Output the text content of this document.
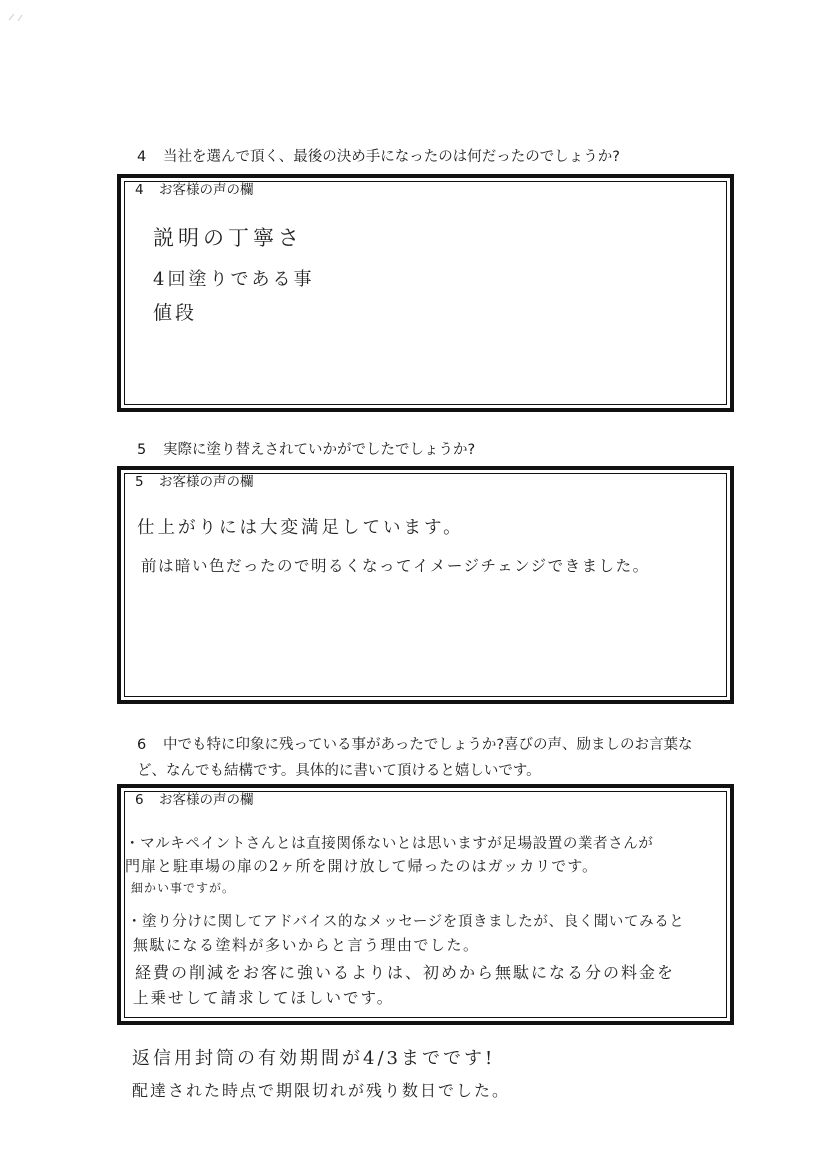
4 当社を選んで頂く、最後の決め手になったのは何だったのでしょうか?
4 お客様の声の欄
説明の丁寧さ
4回塗りである事
値段
5 実際に塗り替えされていかがでしたでしょうか?
5 お客様の声の欄
仕上がりには大変満足しています。
前は暗い色だったので明るくなってイメージチェンジできました。
6 中でも特に印象に残っている事があったでしょうか?喜びの声、励ましのお言葉な
ど、なんでも結構です。具体的に書いて頂けると嬉しいです。
6 お客様の声の欄
・マルキペイントさんとは直接関係ないとは思いますが足場設置の業者さんが
門扉と駐車場の扉の2ヶ所を開け放して帰ったのはガッカリです。
細かい事ですが。
・塗り分けに関してアドバイス的なメッセージを頂きましたが、良く聞いてみると
無駄になる塗料が多いからと言う理由でした。
経費の削減をお客に強いるよりは、初めから無駄になる分の料金を
上乗せして請求してほしいです。
返信用封筒の有効期間が4/3までです!
配達された時点で期限切れが残り数日でした。
